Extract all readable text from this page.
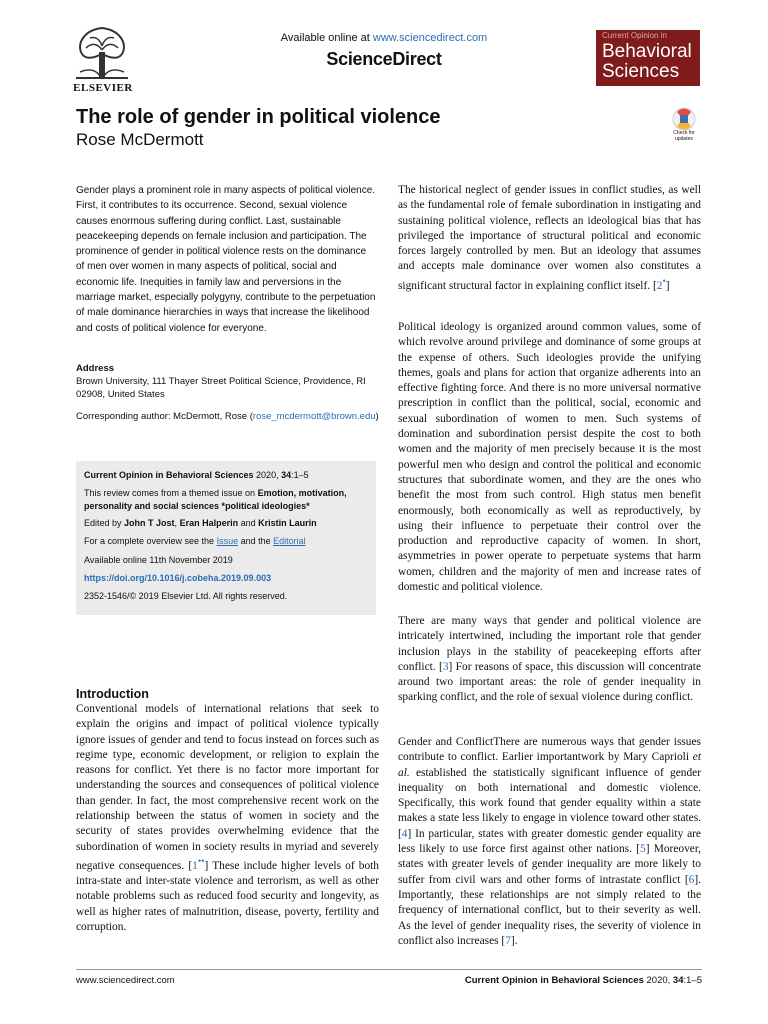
ELSEVIER
Available online at www.sciencedirect.com
ScienceDirect
Current Opinion in
Behavioral
Sciences
The role of gender in political violence
Rose McDermott	Check for updates

Gender plays a prominent role in many aspects of political violence. First, it contributes to its occurrence. Second, sexual violence causes enormous suffering during conflict. Last, sustainable peacekeeping depends on female inclusion and participation. The prominence of gender in political violence rests on the dominance of men over women in many aspects of political, social and economic life. Inequities in family law and perversions in the marriage market, especially polygyny, contribute to the perpetuation of male dominance hierarchies in ways that increase the likelihood and costs of political violence for everyone.

Address
Brown University, 111 Thayer Street Political Science, Providence, RI 02908, United States
Corresponding author: McDermott, Rose (rose_mcdermott@brown.edu)
Current Opinion in Behavioral Sciences 2020, 34:1–5
This review comes from a themed issue on Emotion, motivation, personality and social sciences *political ideologies*
Edited by John T Jost, Eran Halperin and Kristin Laurin
For a complete overview see the Issue and the Editorial
Available online 11th November 2019
https://doi.org/10.1016/j.cobeha.2019.09.003
2352-1546/© 2019 Elsevier Ltd. All rights reserved.
Introduction

Conventional models of international relations that seek to explain the origins and impact of political violence typically ignore issues of gender and tend to focus instead on forces such as regime type, economic development, or religion to explain the reasons for conflict. Yet there is no factor more important for understanding the sources and consequences of political violence than gender. In fact, the most comprehensive recent work on the relationship between the status of women in society and the security of states provides overwhelming evidence that the subordination of women in society results in myriad and severely negative consequences. [1••] These include higher levels of both intra-state and inter-state violence and terrorism, as well as other notable problems such as reduced food security and longevity, as well as higher rates of malnutrition, disease, poverty, fertility and corruption.

The historical neglect of gender issues in conflict studies, as well as the fundamental role of female subordination in instigating and sustaining political violence, reflects an ideological bias that has privileged the importance of structural political and economic forces largely controlled by men. But an ideology that assumes and accepts male dominance over women also constitutes a significant structural factor in explaining conflict itself. [2•]

Political ideology is organized around common values, some of which revolve around privilege and dominance of some groups at the expense of others. Such ideologies provide the unifying themes, goals and plans for action that organize adherents into an effective fighting force. And there is no more universal normative prescription in conflict than the political, social, economic and sexual subordination of women to men. Such systems of domination and subordination persist despite the cost to both women and the majority of men precisely because it is the most powerful men who design and control the political and economic structures that subordinate women, and they are the ones who benefit the most from such control. High status men benefit enormously, both economically as well as reproductively, by using their influence to perpetuate their control over the production and reproductive capacity of women. In short, asymmetries in power operate to perpetuate systems that harm women, children and the majority of men and increase rates of domestic and political violence.

There are many ways that gender and political violence are intricately intertwined, including the important role that gender inclusion plays in the stability of peacekeeping efforts after conflict. [3] For reasons of space, this discussion will concentrate around two important areas: the role of gender inequality in sparking conflict, and the role of sexual violence during conflict.

Gender and ConflictThere are numerous ways that gender issues contribute to conflict. Earlier importantwork by Mary Caprioli et al. established the statistically significant influence of gender inequality on both international and domestic violence. Specifically, this work found that gender equality within a state makes a state less likely to engage in violence toward other states. [4] In particular, states with greater domestic gender equality are less likely to use force first against other nations. [5] Moreover, states with greater levels of gender inequality are more likely to suffer from civil wars and other forms of intrastate conflict [6]. Importantly, these relationships are not simply related to the frequency of international conflict, but to their severity as well. As the level of gender inequality rises, the severity of violence in conflict also increases [7].

www.sciencedirect.com	Current Opinion in Behavioral Sciences 2020, 34:1–5
